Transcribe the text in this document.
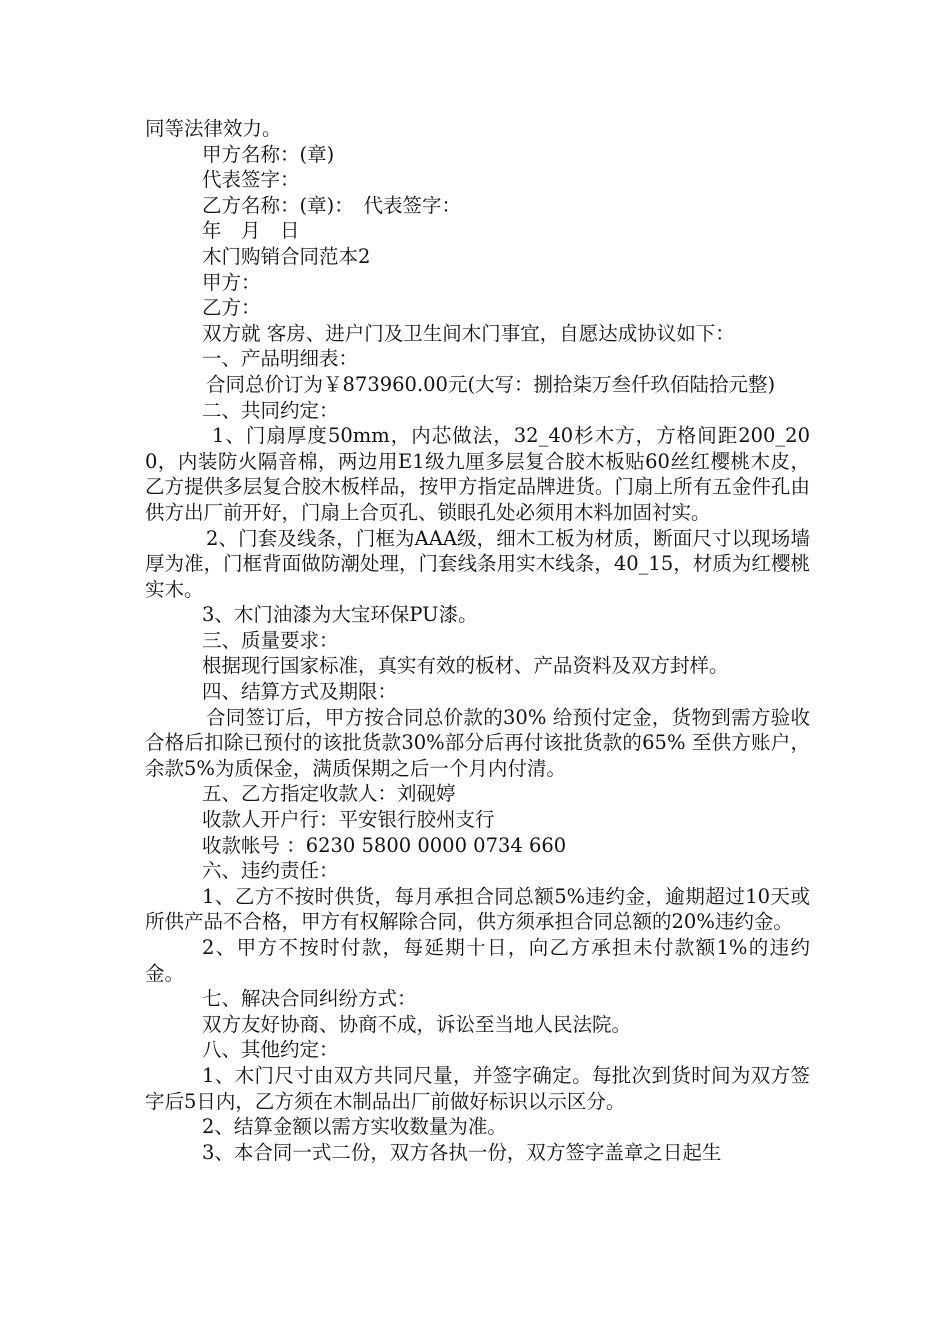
同等法律效力。

甲方名称：(章)

代表签字：

乙方名称：(章)：　代表签字：

年　月　日

木门购销合同范本2

甲方：

乙方：

双方就 客房、进户门及卫生间木门事宜，自愿达成协议如下：

一、产品明细表：

合同总价订为￥873960.00元(大写：捌拾柒万叁仟玖佰陆拾元整)

二、共同约定：

1、门扇厚度50mm，内芯做法，32_40杉木方，方格间距200_200，内装防火隔音棉，两边用E1级九厘多层复合胶木板贴60丝红樱桃木皮，乙方提供多层复合胶木板样品，按甲方指定品牌进货。门扇上所有五金件孔由供方出厂前开好，门扇上合页孔、锁眼孔处必须用木料加固衬实。

2、门套及线条，门框为AAA级，细木工板为材质，断面尺寸以现场墙厚为准，门框背面做防潮处理，门套线条用实木线条，40_15，材质为红樱桃实木。

3、木门油漆为大宝环保PU漆。

三、质量要求：

根据现行国家标准，真实有效的板材、产品资料及双方封样。

四、结算方式及期限：

合同签订后，甲方按合同总价款的30% 给预付定金，货物到需方验收合格后扣除已预付的该批货款30%部分后再付该批货款的65% 至供方账户，余款5%为质保金，满质保期之后一个月内付清。

五、乙方指定收款人：刘砚婷

收款人开户行：平安银行胶州支行

收款帐号 ：6230 5800 0000 0734 660

六、违约责任：

1、乙方不按时供货，每月承担合同总额5%违约金，逾期超过10天或所供产品不合格，甲方有权解除合同，供方须承担合同总额的20%违约金。

2、甲方不按时付款，每延期十日，向乙方承担未付款额1%的违约金。

七、解决合同纠纷方式：

双方友好协商、协商不成，诉讼至当地人民法院。

八、其他约定：

1、木门尺寸由双方共同尺量，并签字确定。每批次到货时间为双方签字后5日内，乙方须在木制品出厂前做好标识以示区分。

2、结算金额以需方实收数量为准。

3、本合同一式二份，双方各执一份，双方签字盖章之日起生
